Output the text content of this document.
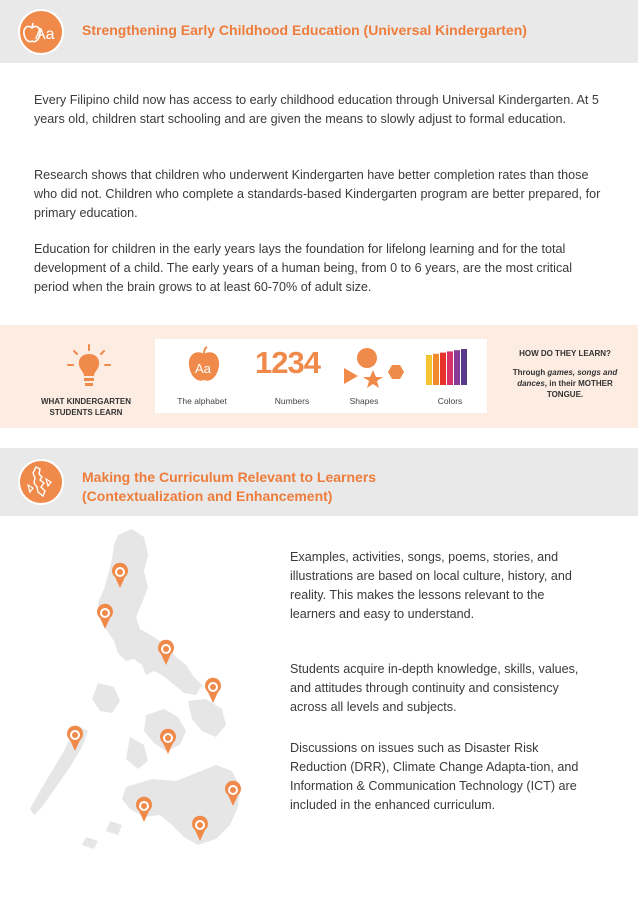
Aa Strengthening Early Childhood Education (Universal Kindergarten)

Every Filipino child now has access to early childhood education through Universal Kindergarten. At 5 years old, children start schooling and are given the means to slowly adjust to formal education.

Research shows that children who underwent Kindergarten have better completion rates than those who did not. Children who complete a standards-based Kindergarten program are better prepared, for primary education.

Education for children in the early years lays the foundation for lifelong learning and for the total development of a child. The early years of a human being, from 0 to 6 years, are the most critical period when the brain grows to at least 60-70% of adult size.

WHAT KINDERGARTEN STUDENTS LEARN
Aa 1234
The alphabet	Numbers	Shapes	Colors
HOW DO THEY LEARN?
Through games, songs and dances, in their MOTHER TONGUE.
Making the Curriculum Relevant to Learners
(Contextualization and Enhancement)

Examples, activities, songs, poems, stories, and illustrations are based on local culture, history, and reality. This makes the lessons relevant to the learners and easy to understand.

Students acquire in-depth knowledge, skills, values, and attitudes through continuity and consistency across all levels and subjects.

Discussions on issues such as Disaster Risk Reduction (DRR), Climate Change Adapta-tion, and Information & Communication Technology (ICT) are included in the enhanced curriculum.
